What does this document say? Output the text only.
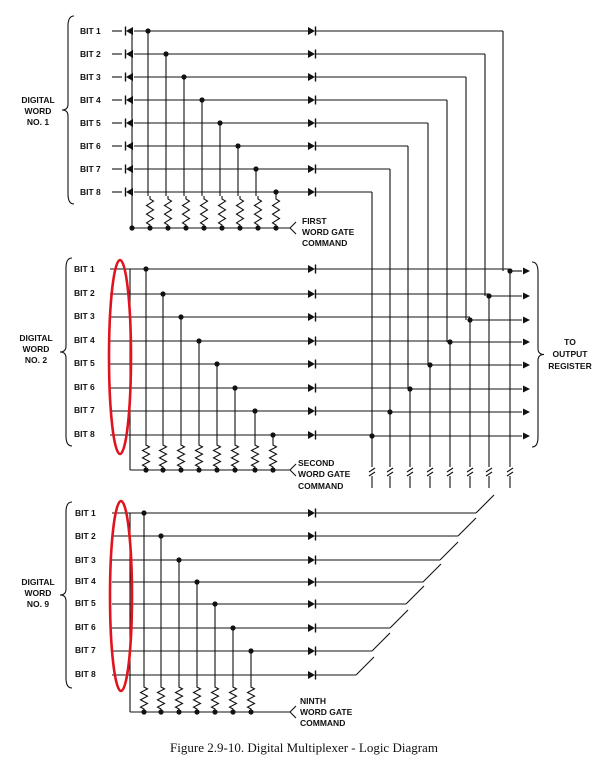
BIT 1
BIT 2
BIT 3
BIT 4
BIT 5
BIT 6
BIT 7
BIT 8
DIGITAL
WORD
NO. 1
FIRST
WORD GATE
COMMAND
BIT 1
BIT 2
BIT 3
BIT 4
BIT 5
BIT 6
BIT 7
BIT 8
DIGITAL
WORD
NO. 2
SECOND
WORD GATE
COMMAND
BIT 1
BIT 2
BIT 3
BIT 4
BIT 5
BIT 6
BIT 7
BIT 8
DIGITAL
WORD
NO. 9
NINTH
WORD GATE
COMMAND
TO
OUTPUT
REGISTER
Figure 2.9-10. Digital Multiplexer - Logic Diagram
